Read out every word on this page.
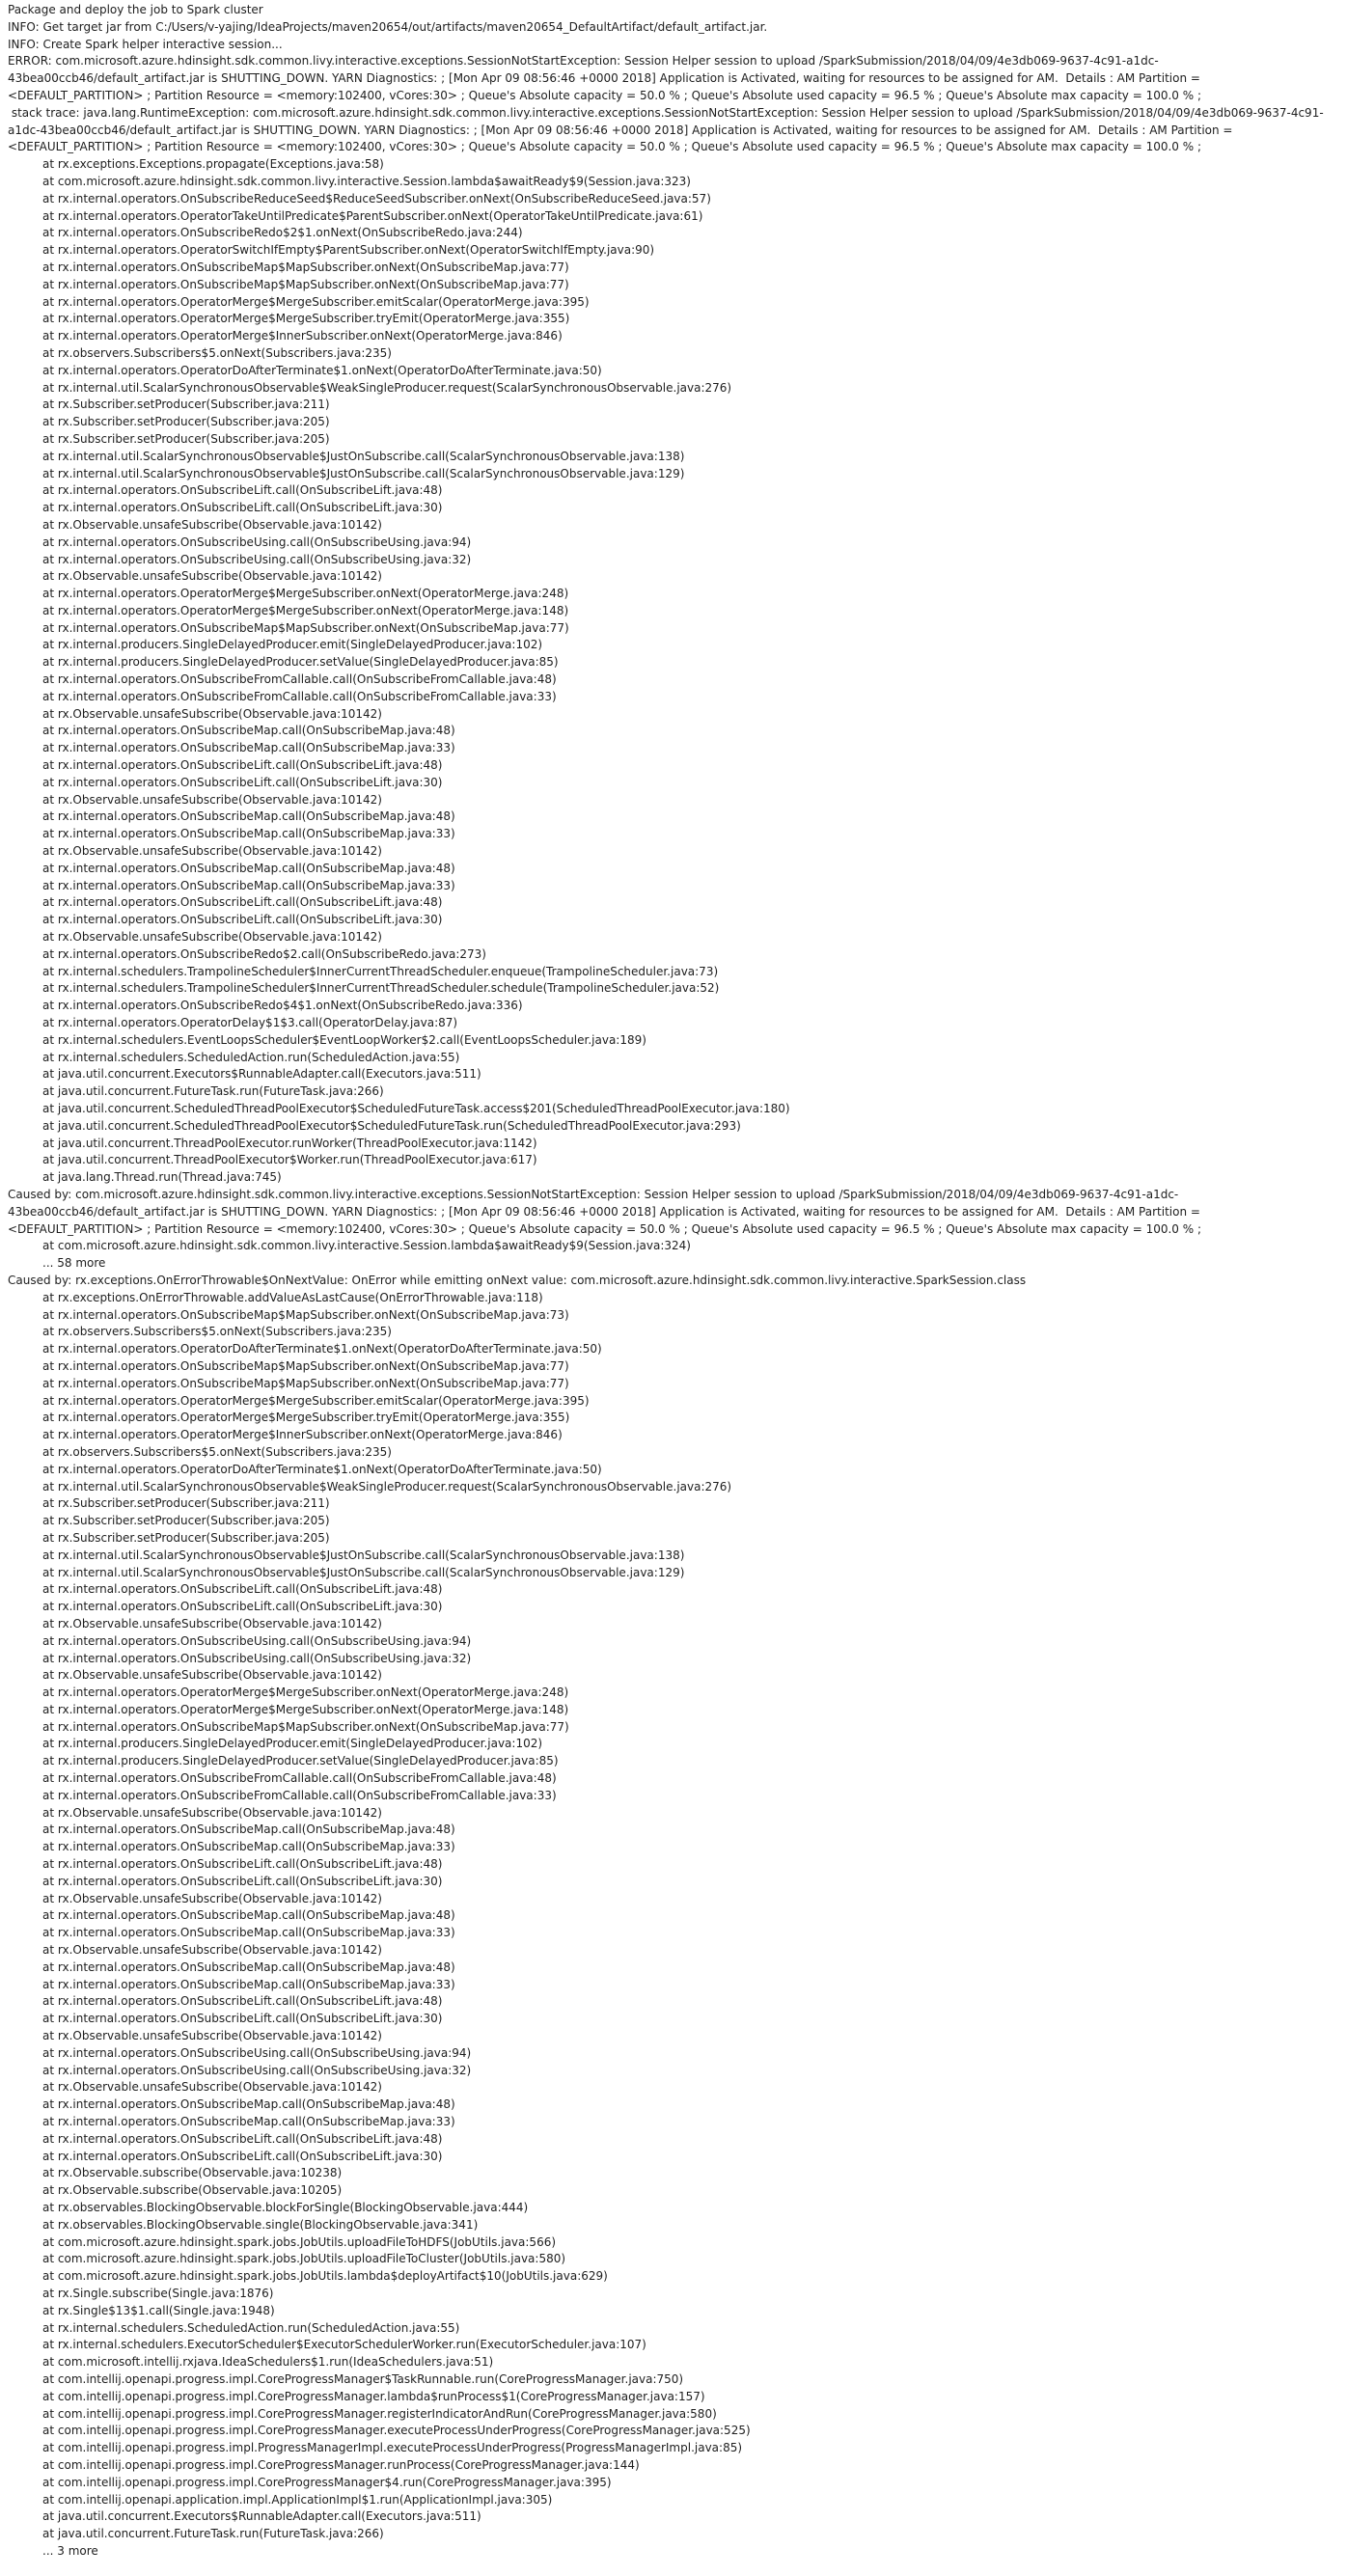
Package and deploy the job to Spark cluster
INFO: Get target jar from C:/Users/v-yajing/IdeaProjects/maven20654/out/artifacts/maven20654_DefaultArtifact/default_artifact.jar.
INFO: Create Spark helper interactive session...
ERROR: com.microsoft.azure.hdinsight.sdk.common.livy.interactive.exceptions.SessionNotStartException: Session Helper session to upload /SparkSubmission/2018/04/09/4e3db069-9637-4c91-a1dc-43bea00ccb46/default_artifact.jar is SHUTTING_DOWN. YARN Diagnostics: ; [Mon Apr 09 08:56:46 +0000 2018] Application is Activated, waiting for resources to be assigned for AM.  Details : AM Partition = <DEFAULT_PARTITION> ; Partition Resource = <memory:102400, vCores:30> ; Queue's Absolute capacity = 50.0 % ; Queue's Absolute used capacity = 96.5 % ; Queue's Absolute max capacity = 100.0 % ;
stack trace: java.lang.RuntimeException: com.microsoft.azure.hdinsight.sdk.common.livy.interactive.exceptions.SessionNotStartException: Session Helper session to upload /SparkSubmission/2018/04/09/4e3db069-9637-4c91-a1dc-43bea00ccb46/default_artifact.jar is SHUTTING_DOWN. YARN Diagnostics: ; [Mon Apr 09 08:56:46 +0000 2018] Application is Activated, waiting for resources to be assigned for AM.  Details : AM Partition = <DEFAULT_PARTITION> ; Partition Resource = <memory:102400, vCores:30> ; Queue's Absolute capacity = 50.0 % ; Queue's Absolute used capacity = 96.5 % ; Queue's Absolute max capacity = 100.0 % ;
at rx.exceptions.Exceptions.propagate(Exceptions.java:58)
at com.microsoft.azure.hdinsight.sdk.common.livy.interactive.Session.lambda$awaitReady$9(Session.java:323)
at rx.internal.operators.OnSubscribeReduceSeed$ReduceSeedSubscriber.onNext(OnSubscribeReduceSeed.java:57)
at rx.internal.operators.OperatorTakeUntilPredicate$ParentSubscriber.onNext(OperatorTakeUntilPredicate.java:61)
at rx.internal.operators.OnSubscribeRedo$2$1.onNext(OnSubscribeRedo.java:244)
at rx.internal.operators.OperatorSwitchIfEmpty$ParentSubscriber.onNext(OperatorSwitchIfEmpty.java:90)
at rx.internal.operators.OnSubscribeMap$MapSubscriber.onNext(OnSubscribeMap.java:77)
at rx.internal.operators.OnSubscribeMap$MapSubscriber.onNext(OnSubscribeMap.java:77)
at rx.internal.operators.OperatorMerge$MergeSubscriber.emitScalar(OperatorMerge.java:395)
at rx.internal.operators.OperatorMerge$MergeSubscriber.tryEmit(OperatorMerge.java:355)
at rx.internal.operators.OperatorMerge$InnerSubscriber.onNext(OperatorMerge.java:846)
at rx.observers.Subscribers$5.onNext(Subscribers.java:235)
at rx.internal.operators.OperatorDoAfterTerminate$1.onNext(OperatorDoAfterTerminate.java:50)
at rx.internal.util.ScalarSynchronousObservable$WeakSingleProducer.request(ScalarSynchronousObservable.java:276)
at rx.Subscriber.setProducer(Subscriber.java:211)
at rx.Subscriber.setProducer(Subscriber.java:205)
at rx.Subscriber.setProducer(Subscriber.java:205)
at rx.internal.util.ScalarSynchronousObservable$JustOnSubscribe.call(ScalarSynchronousObservable.java:138)
at rx.internal.util.ScalarSynchronousObservable$JustOnSubscribe.call(ScalarSynchronousObservable.java:129)
at rx.internal.operators.OnSubscribeLift.call(OnSubscribeLift.java:48)
at rx.internal.operators.OnSubscribeLift.call(OnSubscribeLift.java:30)
at rx.Observable.unsafeSubscribe(Observable.java:10142)
at rx.internal.operators.OnSubscribeUsing.call(OnSubscribeUsing.java:94)
at rx.internal.operators.OnSubscribeUsing.call(OnSubscribeUsing.java:32)
at rx.Observable.unsafeSubscribe(Observable.java:10142)
at rx.internal.operators.OperatorMerge$MergeSubscriber.onNext(OperatorMerge.java:248)
at rx.internal.operators.OperatorMerge$MergeSubscriber.onNext(OperatorMerge.java:148)
at rx.internal.operators.OnSubscribeMap$MapSubscriber.onNext(OnSubscribeMap.java:77)
at rx.internal.producers.SingleDelayedProducer.emit(SingleDelayedProducer.java:102)
at rx.internal.producers.SingleDelayedProducer.setValue(SingleDelayedProducer.java:85)
at rx.internal.operators.OnSubscribeFromCallable.call(OnSubscribeFromCallable.java:48)
at rx.internal.operators.OnSubscribeFromCallable.call(OnSubscribeFromCallable.java:33)
at rx.Observable.unsafeSubscribe(Observable.java:10142)
at rx.internal.operators.OnSubscribeMap.call(OnSubscribeMap.java:48)
at rx.internal.operators.OnSubscribeMap.call(OnSubscribeMap.java:33)
at rx.internal.operators.OnSubscribeLift.call(OnSubscribeLift.java:48)
at rx.internal.operators.OnSubscribeLift.call(OnSubscribeLift.java:30)
at rx.Observable.unsafeSubscribe(Observable.java:10142)
at rx.internal.operators.OnSubscribeMap.call(OnSubscribeMap.java:48)
at rx.internal.operators.OnSubscribeMap.call(OnSubscribeMap.java:33)
at rx.Observable.unsafeSubscribe(Observable.java:10142)
at rx.internal.operators.OnSubscribeMap.call(OnSubscribeMap.java:48)
at rx.internal.operators.OnSubscribeMap.call(OnSubscribeMap.java:33)
at rx.internal.operators.OnSubscribeLift.call(OnSubscribeLift.java:48)
at rx.internal.operators.OnSubscribeLift.call(OnSubscribeLift.java:30)
at rx.Observable.unsafeSubscribe(Observable.java:10142)
at rx.internal.operators.OnSubscribeRedo$2.call(OnSubscribeRedo.java:273)
at rx.internal.schedulers.TrampolineScheduler$InnerCurrentThreadScheduler.enqueue(TrampolineScheduler.java:73)
at rx.internal.schedulers.TrampolineScheduler$InnerCurrentThreadScheduler.schedule(TrampolineScheduler.java:52)
at rx.internal.operators.OnSubscribeRedo$4$1.onNext(OnSubscribeRedo.java:336)
at rx.internal.operators.OperatorDelay$1$3.call(OperatorDelay.java:87)
at rx.internal.schedulers.EventLoopsScheduler$EventLoopWorker$2.call(EventLoopsScheduler.java:189)
at rx.internal.schedulers.ScheduledAction.run(ScheduledAction.java:55)
at java.util.concurrent.Executors$RunnableAdapter.call(Executors.java:511)
at java.util.concurrent.FutureTask.run(FutureTask.java:266)
at java.util.concurrent.ScheduledThreadPoolExecutor$ScheduledFutureTask.access$201(ScheduledThreadPoolExecutor.java:180)
at java.util.concurrent.ScheduledThreadPoolExecutor$ScheduledFutureTask.run(ScheduledThreadPoolExecutor.java:293)
at java.util.concurrent.ThreadPoolExecutor.runWorker(ThreadPoolExecutor.java:1142)
at java.util.concurrent.ThreadPoolExecutor$Worker.run(ThreadPoolExecutor.java:617)
at java.lang.Thread.run(Thread.java:745)
Caused by: com.microsoft.azure.hdinsight.sdk.common.livy.interactive.exceptions.SessionNotStartException: Session Helper session to upload /SparkSubmission/2018/04/09/4e3db069-9637-4c91-a1dc-43bea00ccb46/default_artifact.jar is SHUTTING_DOWN. YARN Diagnostics: ; [Mon Apr 09 08:56:46 +0000 2018] Application is Activated, waiting for resources to be assigned for AM.  Details : AM Partition = <DEFAULT_PARTITION> ; Partition Resource = <memory:102400, vCores:30> ; Queue's Absolute capacity = 50.0 % ; Queue's Absolute used capacity = 96.5 % ; Queue's Absolute max capacity = 100.0 % ;
at com.microsoft.azure.hdinsight.sdk.common.livy.interactive.Session.lambda$awaitReady$9(Session.java:324)
... 58 more
Caused by: rx.exceptions.OnErrorThrowable$OnNextValue: OnError while emitting onNext value: com.microsoft.azure.hdinsight.sdk.common.livy.interactive.SparkSession.class
at rx.exceptions.OnErrorThrowable.addValueAsLastCause(OnErrorThrowable.java:118)
at rx.internal.operators.OnSubscribeMap$MapSubscriber.onNext(OnSubscribeMap.java:73)
at rx.observers.Subscribers$5.onNext(Subscribers.java:235)
at rx.internal.operators.OperatorDoAfterTerminate$1.onNext(OperatorDoAfterTerminate.java:50)
at rx.internal.operators.OnSubscribeMap$MapSubscriber.onNext(OnSubscribeMap.java:77)
at rx.internal.operators.OnSubscribeMap$MapSubscriber.onNext(OnSubscribeMap.java:77)
at rx.internal.operators.OperatorMerge$MergeSubscriber.emitScalar(OperatorMerge.java:395)
at rx.internal.operators.OperatorMerge$MergeSubscriber.tryEmit(OperatorMerge.java:355)
at rx.internal.operators.OperatorMerge$InnerSubscriber.onNext(OperatorMerge.java:846)
at rx.observers.Subscribers$5.onNext(Subscribers.java:235)
at rx.internal.operators.OperatorDoAfterTerminate$1.onNext(OperatorDoAfterTerminate.java:50)
at rx.internal.util.ScalarSynchronousObservable$WeakSingleProducer.request(ScalarSynchronousObservable.java:276)
at rx.Subscriber.setProducer(Subscriber.java:211)
at rx.Subscriber.setProducer(Subscriber.java:205)
at rx.Subscriber.setProducer(Subscriber.java:205)
at rx.internal.util.ScalarSynchronousObservable$JustOnSubscribe.call(ScalarSynchronousObservable.java:138)
at rx.internal.util.ScalarSynchronousObservable$JustOnSubscribe.call(ScalarSynchronousObservable.java:129)
at rx.internal.operators.OnSubscribeLift.call(OnSubscribeLift.java:48)
at rx.internal.operators.OnSubscribeLift.call(OnSubscribeLift.java:30)
at rx.Observable.unsafeSubscribe(Observable.java:10142)
at rx.internal.operators.OnSubscribeUsing.call(OnSubscribeUsing.java:94)
at rx.internal.operators.OnSubscribeUsing.call(OnSubscribeUsing.java:32)
at rx.Observable.unsafeSubscribe(Observable.java:10142)
at rx.internal.operators.OperatorMerge$MergeSubscriber.onNext(OperatorMerge.java:248)
at rx.internal.operators.OperatorMerge$MergeSubscriber.onNext(OperatorMerge.java:148)
at rx.internal.operators.OnSubscribeMap$MapSubscriber.onNext(OnSubscribeMap.java:77)
at rx.internal.producers.SingleDelayedProducer.emit(SingleDelayedProducer.java:102)
at rx.internal.producers.SingleDelayedProducer.setValue(SingleDelayedProducer.java:85)
at rx.internal.operators.OnSubscribeFromCallable.call(OnSubscribeFromCallable.java:48)
at rx.internal.operators.OnSubscribeFromCallable.call(OnSubscribeFromCallable.java:33)
at rx.Observable.unsafeSubscribe(Observable.java:10142)
at rx.internal.operators.OnSubscribeMap.call(OnSubscribeMap.java:48)
at rx.internal.operators.OnSubscribeMap.call(OnSubscribeMap.java:33)
at rx.internal.operators.OnSubscribeLift.call(OnSubscribeLift.java:48)
at rx.internal.operators.OnSubscribeLift.call(OnSubscribeLift.java:30)
at rx.Observable.unsafeSubscribe(Observable.java:10142)
at rx.internal.operators.OnSubscribeMap.call(OnSubscribeMap.java:48)
at rx.internal.operators.OnSubscribeMap.call(OnSubscribeMap.java:33)
at rx.Observable.unsafeSubscribe(Observable.java:10142)
at rx.internal.operators.OnSubscribeMap.call(OnSubscribeMap.java:48)
at rx.internal.operators.OnSubscribeMap.call(OnSubscribeMap.java:33)
at rx.internal.operators.OnSubscribeLift.call(OnSubscribeLift.java:48)
at rx.internal.operators.OnSubscribeLift.call(OnSubscribeLift.java:30)
at rx.Observable.unsafeSubscribe(Observable.java:10142)
at rx.internal.operators.OnSubscribeUsing.call(OnSubscribeUsing.java:94)
at rx.internal.operators.OnSubscribeUsing.call(OnSubscribeUsing.java:32)
at rx.Observable.unsafeSubscribe(Observable.java:10142)
at rx.internal.operators.OnSubscribeMap.call(OnSubscribeMap.java:48)
at rx.internal.operators.OnSubscribeMap.call(OnSubscribeMap.java:33)
at rx.internal.operators.OnSubscribeLift.call(OnSubscribeLift.java:48)
at rx.internal.operators.OnSubscribeLift.call(OnSubscribeLift.java:30)
at rx.Observable.subscribe(Observable.java:10238)
at rx.Observable.subscribe(Observable.java:10205)
at rx.observables.BlockingObservable.blockForSingle(BlockingObservable.java:444)
at rx.observables.BlockingObservable.single(BlockingObservable.java:341)
at com.microsoft.azure.hdinsight.spark.jobs.JobUtils.uploadFileToHDFS(JobUtils.java:566)
at com.microsoft.azure.hdinsight.spark.jobs.JobUtils.uploadFileToCluster(JobUtils.java:580)
at com.microsoft.azure.hdinsight.spark.jobs.JobUtils.lambda$deployArtifact$10(JobUtils.java:629)
at rx.Single.subscribe(Single.java:1876)
at rx.Single$13$1.call(Single.java:1948)
at rx.internal.schedulers.ScheduledAction.run(ScheduledAction.java:55)
at rx.internal.schedulers.ExecutorScheduler$ExecutorSchedulerWorker.run(ExecutorScheduler.java:107)
at com.microsoft.intellij.rxjava.IdeaSchedulers$1.run(IdeaSchedulers.java:51)
at com.intellij.openapi.progress.impl.CoreProgressManager$TaskRunnable.run(CoreProgressManager.java:750)
at com.intellij.openapi.progress.impl.CoreProgressManager.lambda$runProcess$1(CoreProgressManager.java:157)
at com.intellij.openapi.progress.impl.CoreProgressManager.registerIndicatorAndRun(CoreProgressManager.java:580)
at com.intellij.openapi.progress.impl.CoreProgressManager.executeProcessUnderProgress(CoreProgressManager.java:525)
at com.intellij.openapi.progress.impl.ProgressManagerImpl.executeProcessUnderProgress(ProgressManagerImpl.java:85)
at com.intellij.openapi.progress.impl.CoreProgressManager.runProcess(CoreProgressManager.java:144)
at com.intellij.openapi.progress.impl.CoreProgressManager$4.run(CoreProgressManager.java:395)
at com.intellij.openapi.application.impl.ApplicationImpl$1.run(ApplicationImpl.java:305)
at java.util.concurrent.Executors$RunnableAdapter.call(Executors.java:511)
at java.util.concurrent.FutureTask.run(FutureTask.java:266)
... 3 more
